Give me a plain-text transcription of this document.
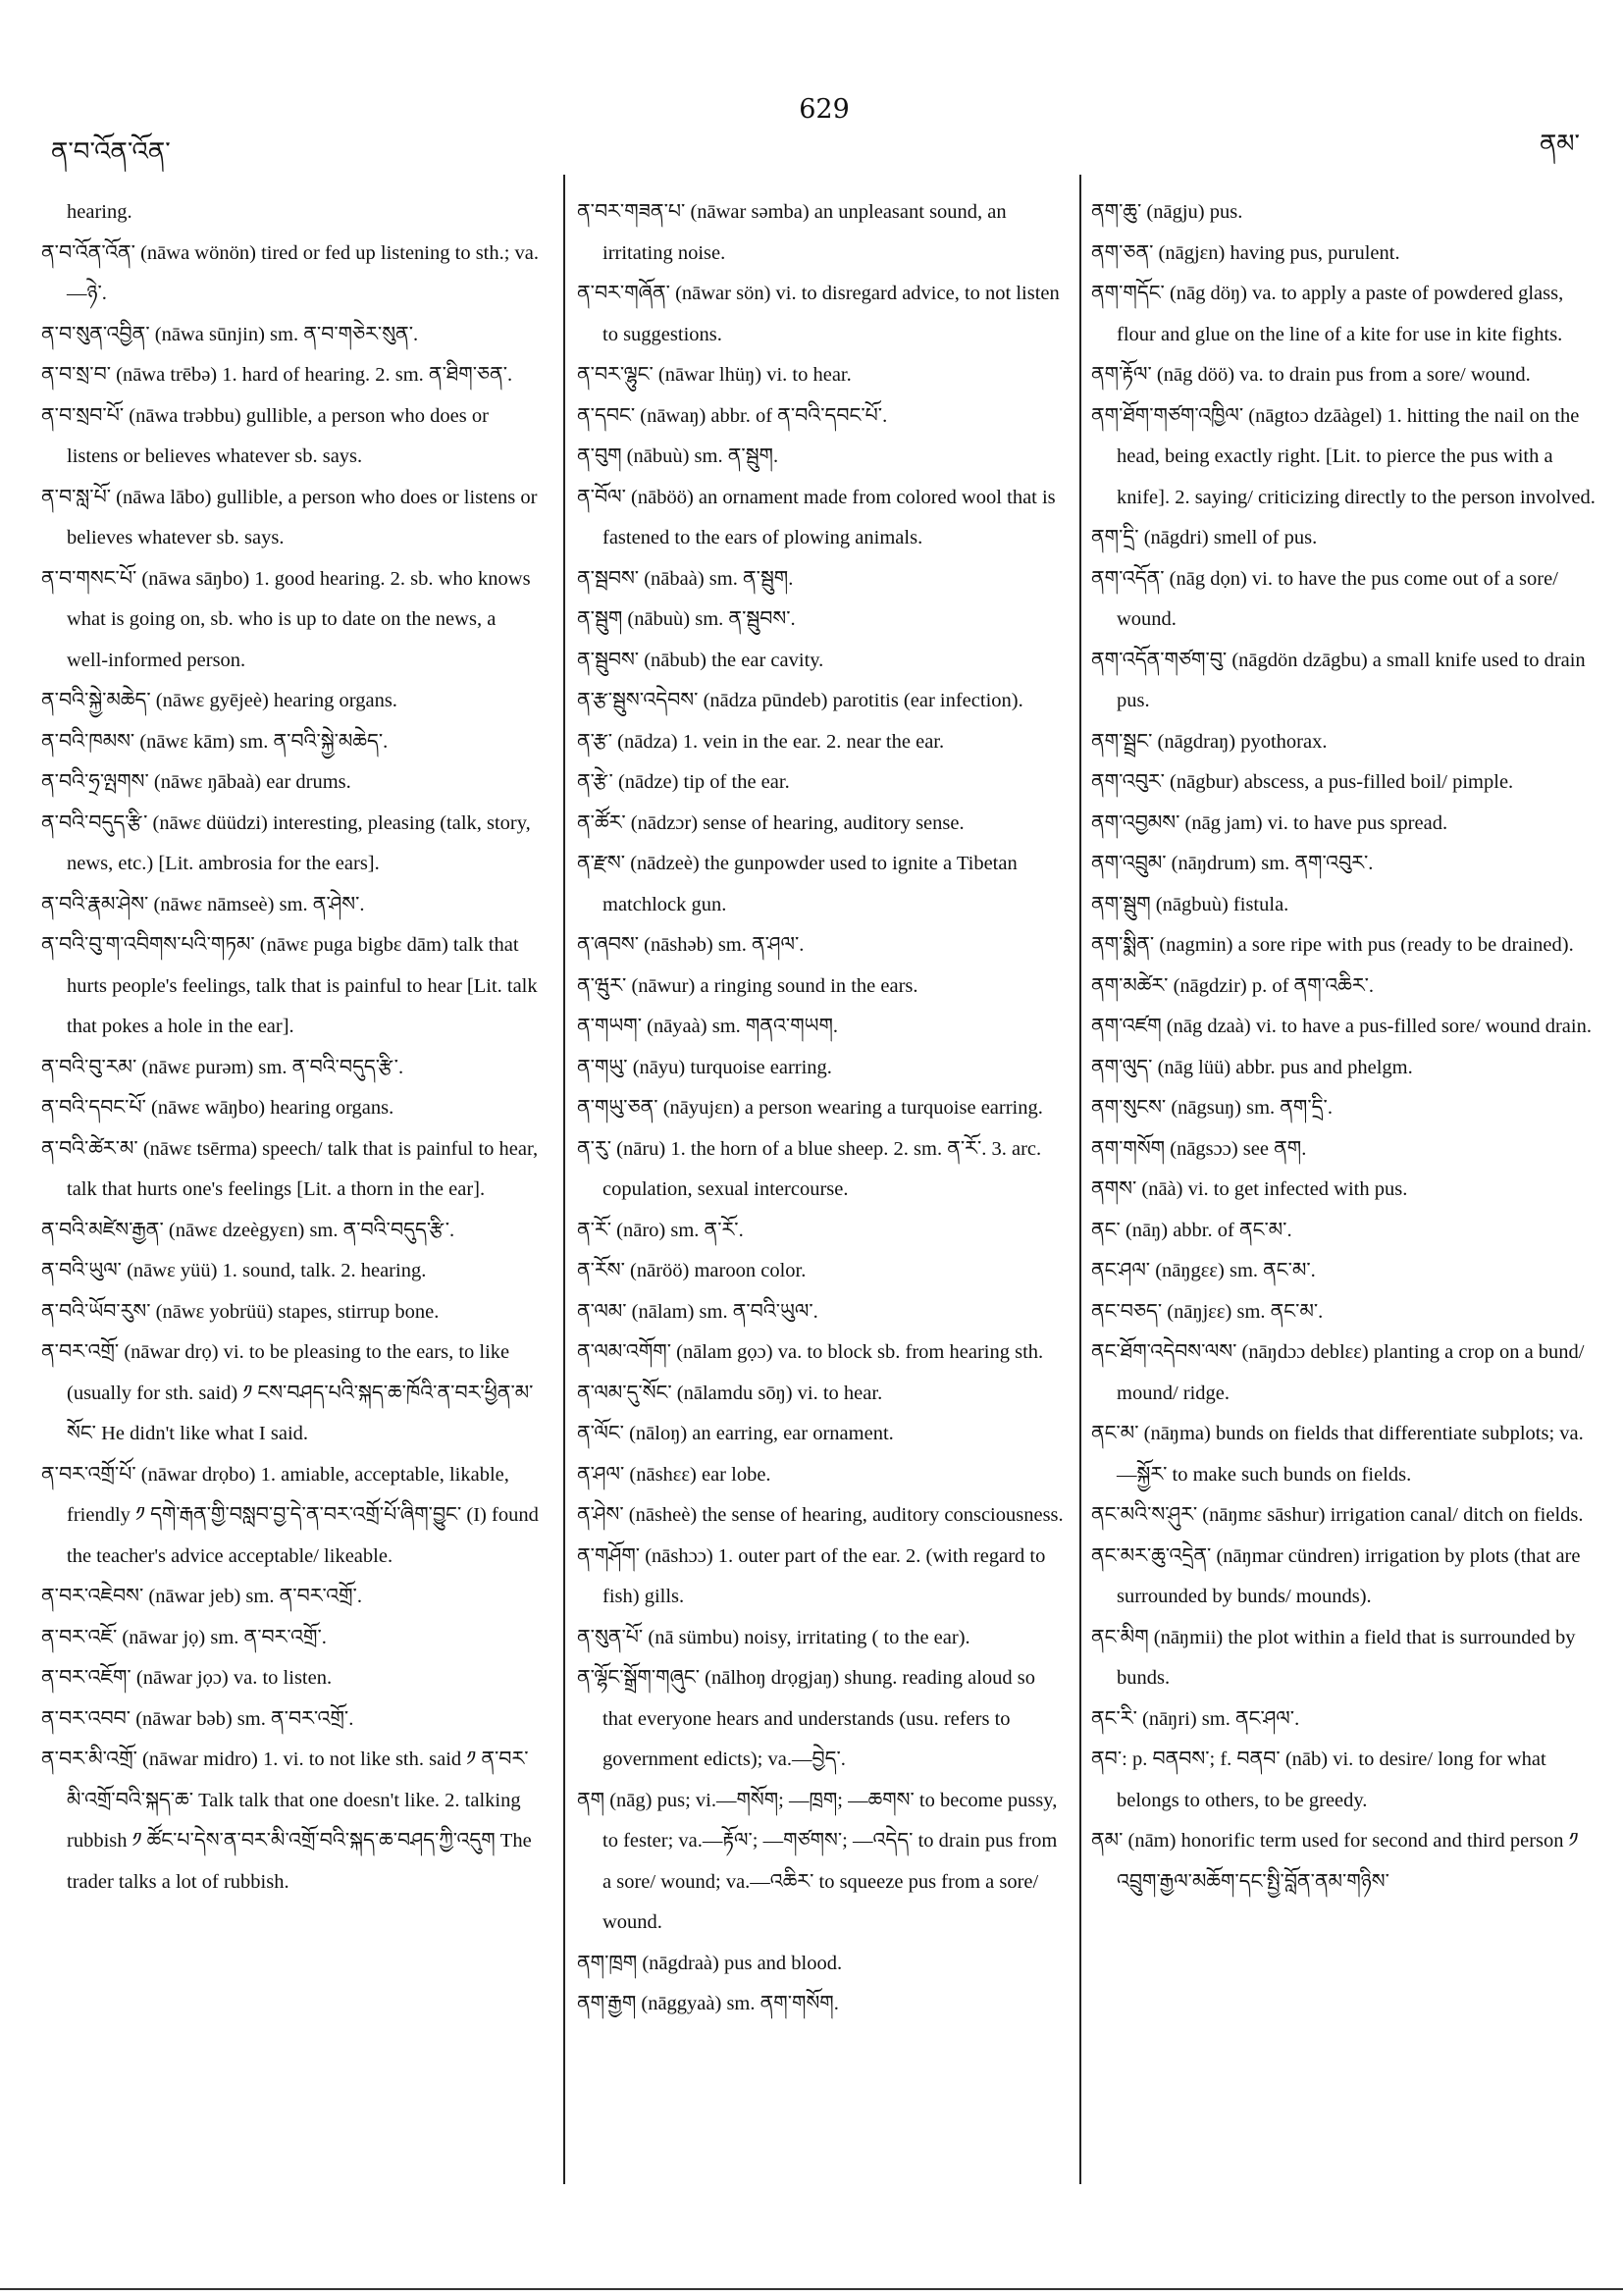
ན་བ་འོན་འོན་
629
ནམ་
hearing.
ན་བ་འོན་འོན་ (nāwa wönön) tired or fed up listening to sth.; va.—ཉེ་.
ན་བ་སུན་འབྱིན་ (nāwa sūnjin) sm. ན་བ་གཅེར་སུན་.
ན་བ་སྲ་བ་ (nāwa trēbə) 1. hard of hearing. 2. sm. ན་ཐིག་ཅན་.
ན་བ་སྲབ་པོ་ (nāwa trəbbu) gullible, a person who does or listens or believes whatever sb. says.
ན་བ་སླ་པོ་ (nāwa lābo) gullible, a person who does or listens or believes whatever sb. says.
ན་བ་གསང་པོ་ (nāwa sāŋbo) 1. good hearing. 2. sb. who knows what is going on, sb. who is up to date on the news, a well-informed person.
ན་བའི་སྐྱེ་མཆེད་ (nāwɛ gyējeè) hearing organs.
ན་བའི་ཁམས་ (nāwɛ kām) sm. ན་བའི་སྐྱེ་མཆེད་.
ན་བའི་ཧྲ་ལྤགས་ (nāwɛ ŋābaà) ear drums.
ན་བའི་བདུད་རྩི་ (nāwɛ düüdzi) interesting, pleasing (talk, story, news, etc.) [Lit. ambrosia for the ears].
ན་བའི་རྣམ་ཤེས་ (nāwɛ nāmseè) sm. ན་ཤེས་.
ན་བའི་བུ་ག་འབིགས་པའི་གཏམ་ (nāwɛ puga bigbɛ dām) talk that hurts people's feelings, talk that is painful to hear [Lit. talk that pokes a hole in the ear].
ན་བའི་བུ་རམ་ (nāwɛ purəm) sm. ན་བའི་བདུད་རྩི་.
ན་བའི་དབང་པོ་ (nāwɛ wāŋbo) hearing organs.
ན་བའི་ཚེར་མ་ (nāwɛ tsērma) speech/ talk that is painful to hear, talk that hurts one's feelings [Lit. a thorn in the ear].
ན་བའི་མཛེས་རྒྱན་ (nāwɛ dzeègyɛn) sm. ན་བའི་བདུད་རྩི་.
ན་བའི་ཡུལ་ (nāwɛ yüü) 1. sound, talk. 2. hearing.
ན་བའི་ཡོབ་རུས་ (nāwɛ yobrüü) stapes, stirrup bone.
ན་བར་འགྲོ་ (nāwar drọ) vi. to be pleasing to the ears, to like (usually for sth. said) ༡ ངས་བཤད་པའི་སྐད་ཆ་ཁོའི་ན་བར་ཕྱིན་མ་སོང་ He didn't like what I said.
ན་བར་འགྲོ་པོ་ (nāwar drọbo) 1. amiable, acceptable, likable, friendly ༡ དགེ་རྒན་གྱི་བསླབ་བྱ་དེ་ན་བར་འགྲོ་པོ་ཞིག་བྱུང་ (I) found the teacher's advice acceptable/ likeable.
ན་བར་འཇེབས་ (nāwar jeb) sm. ན་བར་འགྲོ་.
ན་བར་འཇོ་ (nāwar jọ) sm. ན་བར་འགྲོ་.
ན་བར་འཇོག་ (nāwar jọɔ) va. to listen.
ན་བར་འབབ་ (nāwar bəb) sm. ན་བར་འགྲོ་.
ན་བར་མི་འགྲོ་ (nāwar midro) 1. vi. to not like sth. said ༡ ན་བར་མི་འགྲོ་བའི་སྐད་ཆ་ Talk talk that one doesn't like. 2. talking rubbish ༡ ཚོང་པ་དེས་ན་བར་མི་འགྲོ་བའི་སྐད་ཆ་བཤད་ཀྱི་འདུག The trader talks a lot of rubbish.
ན་བར་གཟན་པ་ (nāwar səmba) an unpleasant sound, an irritating noise.
ན་བར་གཞོན་ (nāwar sön) vi. to disregard advice, to not listen to suggestions.
ན་བར་ལྷུང་ (nāwar lhüŋ) vi. to hear.
ན་དབང་ (nāwaŋ) abbr. of ན་བའི་དབང་པོ་.
ན་བུག (nābuù) sm. ན་སྦུག.
ན་བོལ་ (nāböö) an ornament made from colored wool that is fastened to the ears of plowing animals.
ན་སྦབས་ (nābaà) sm. ན་སྦུག.
ན་སྦུག (nābuù) sm. ན་སྦུབས་.
ན་སྦུབས་ (nābub) the ear cavity.
ན་རྩ་སྦུས་འདེབས་ (nādza pūndeb) parotitis (ear infection).
ན་རྩ་ (nādza) 1. vein in the ear. 2. near the ear.
ན་རྩེ་ (nādze) tip of the ear.
ན་ཚོར་ (nādzɔr) sense of hearing, auditory sense.
ན་རྫས་ (nādzeè) the gunpowder used to ignite a Tibetan matchlock gun.
ན་ཞབས་ (nāshəb) sm. ན་ཤལ་.
ན་ཝུར་ (nāwur) a ringing sound in the ears.
ན་གཡག་ (nāyaà) sm. གནའ་གཡག.
ན་གཡུ་ (nāyu) turquoise earring.
ན་གཡུ་ཅན་ (nāyujɛn) a person wearing a turquoise earring.
ན་རུ་ (nāru) 1. the horn of a blue sheep. 2. sm. ན་རོ་. 3. arc. copulation, sexual intercourse.
ན་རོ་ (nāro) sm. ན་རོ་.
ན་རོས་ (nāröö) maroon color.
ན་ལམ་ (nālam) sm. ན་བའི་ཡུལ་.
ན་ལམ་འགོག་ (nālam gọɔ) va. to block sb. from hearing sth.
ན་ལམ་དུ་སོང་ (nālamdu sōŋ) vi. to hear.
ན་ལོང་ (nāloŋ) an earring, ear ornament.
ན་ཤལ་ (nāshɛɛ) ear lobe.
ན་ཤེས་ (nāsheè) the sense of hearing, auditory consciousness.
ན་གཤོག་ (nāshɔɔ) 1. outer part of the ear. 2. (with regard to fish) gills.
ན་སུན་པོ་ (nā sümbu) noisy, irritating ( to the ear).
ན་ལྷོང་སྒྲོག་གཞུང་ (nālhoŋ drọgjaŋ) shung. reading aloud so that everyone hears and understands (usu. refers to government edicts); va.—བྱེད་.
ནག (nāg) pus; vi.—གསོག; —ཁྲག; —ཆགས་ to become pussy, to fester; va.—རྟོལ་; —གཙགས་; —འདེད་ to drain pus from a sore/ wound; va.—འཆིར་ to squeeze pus from a sore/ wound.
ནག་ཁྲག (nāgdraà) pus and blood.
ནག་རྒྱག (nāggyaà) sm. ནག་གསོག.
ནག་ཆུ་ (nāgju) pus.
ནག་ཅན་ (nāgjɛn) having pus, purulent.
ནག་གདོང་ (nāg döŋ) va. to apply a paste of powdered glass, flour and glue on the line of a kite for use in kite fights.
ནག་རྟོལ་ (nāg döö) va. to drain pus from a sore/ wound.
ནག་ཐོག་གཙག་འཁྱིལ་ (nāgtoɔ dzāàgel) 1. hitting the nail on the head, being exactly right. [Lit. to pierce the pus with a knife]. 2. saying/ criticizing directly to the person involved.
ནག་དྲི་ (nāgdri) smell of pus.
ནག་འདོན་ (nāg dọn) vi. to have the pus come out of a sore/ wound.
ནག་འདོན་གཙག་བུ་ (nāgdön dzāgbu) a small knife used to drain pus.
ནག་སྦྲང་ (nāgdraŋ) pyothorax.
ནག་འབུར་ (nāgbur) abscess, a pus-filled boil/ pimple.
ནག་འབྱམས་ (nāg jam) vi. to have pus spread.
ནག་འབྲུམ་ (nāŋdrum) sm. ནག་འབུར་.
ནག་སྦུག (nāgbuù) fistula.
ནག་སྨིན་ (nagmin) a sore ripe with pus (ready to be drained).
ནག་མཚེར་ (nāgdzir) p. of ནག་འཆིར་.
ནག་འཛག (nāg dzaà) vi. to have a pus-filled sore/ wound drain.
ནག་ལུད་ (nāg lüü) abbr. pus and phelgm.
ནག་སུངས་ (nāgsuŋ) sm. ནག་དྲི་.
ནག་གསོག (nāgsɔɔ) see ནག.
ནགས་ (nāà) vi. to get infected with pus.
ནང་ (nāŋ) abbr. of ནང་མ་.
ནང་ཤལ་ (nāŋgɛɛ) sm. ནང་མ་.
ནང་བཅད་ (nāŋjɛɛ) sm. ནང་མ་.
ནང་ཐོག་འདེབས་ལས་ (nāŋdɔɔ deblɛɛ) planting a crop on a bund/ mound/ ridge.
ནང་མ་ (nāŋma) bunds on fields that differentiate subplots; va.—སྐྱོར་ to make such bunds on fields.
ནང་མའི་ས་ཤུར་ (nāŋmɛ sāshur) irrigation canal/ ditch on fields.
ནང་མར་ཆུ་འདྲེན་ (nāŋmar cündren) irrigation by plots (that are surrounded by bunds/ mounds).
ནང་མིག (nāŋmii) the plot within a field that is surrounded by bunds.
ནང་རི་ (nāŋri) sm. ནང་ཤལ་.
ནབ་: p. བནབས་; f. བནབ་ (nāb) vi. to desire/ long for what belongs to others, to be greedy.
ནམ་ (nām) honorific term used for second and third person ༡ འབྲུག་རྒྱལ་མཆོག་དང་སྤྱི་བློན་ནམ་གཉིས་
